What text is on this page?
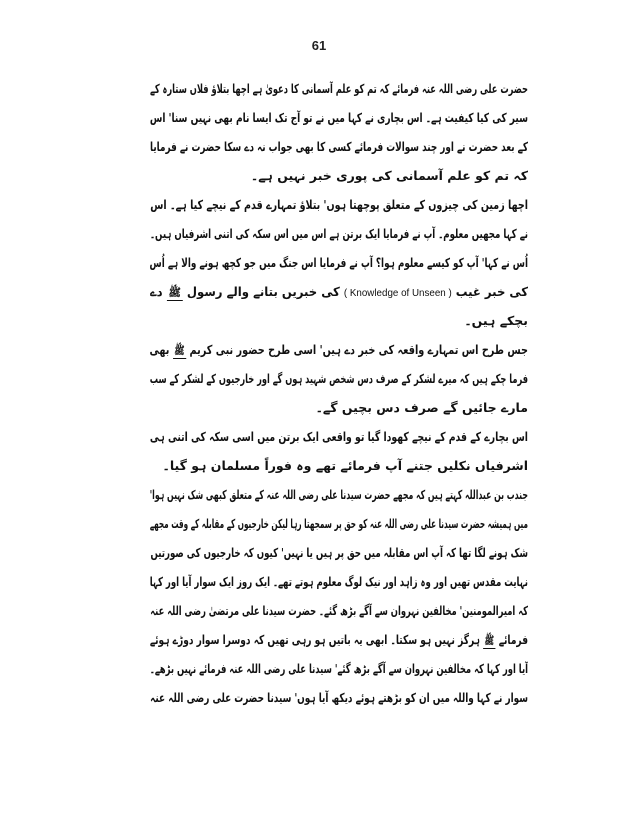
61
حضرت علی رضی اللہ عنہ فرمائے کہ تم کو علم آسمانی کا دعویٰ ہے اچھا بتلاؤ فلاں ستارہ کے
سیر کی کیا کیفیت ہے۔ اس بچاری نے کہا میں نے تو آج تک ایسا نام بھی نہیں سنا' اس
کے بعد حضرت نے اور چند سوالات فرمائے کسی کا بھی جواب نہ دے سکا حضرت نے فرمایا
کہ تم کو علم آسمانی کی پوری خبر نہیں ہے۔
اچھا زمین کی چیزوں کے متعلق پوچھتا ہوں' بتلاؤ تمہارے قدم کے نیچے کیا ہے۔ اس
نے کہا مجھیں معلوم۔ آپ نے فرمایا ایک برتن ہے اس میں اس سکہ کی اتنی اشرفیاں ہیں۔
اُس نے کہا' آپ کو کیسے معلوم ہوا؟ آپ نے فرمایا اس جنگ میں جو کچھ ہونے والا ہے اُس
کی خبر غیب ( Knowledge of Unseen ) کی خبریں بتانے والے رسول ﷺ دے
بچکے ہیں۔
جس طرح اس تمہارے واقعہ کی خبر دے ہیں' اسی طرح حضور نبی کریم ﷺ بھی
فرما چکے ہیں کہ میرے لشکر کے صرف دس شخص شہید ہوں گے اور خارجیوں کے لشکر کے سب
مارے جائیں گے صرف دس بچیں گے۔
اس بچارے کے قدم کے نیچے کھودا گیا تو واقعی ایک برتن میں اسی سکہ کی اتنی ہی
اشرفیاں نکلیں جتنے آپ فرمائے تھے وہ فوراً مسلمان ہو گیا۔
جندب بن عبداللہ کہتے ہیں کہ مجھے حضرت سیدنا علی رضی اللہ عنہ کے متعلق کبھی شک نہیں ہوا'
میں ہمیشہ حضرت سیدنا علی رضی اللہ عنہ کو حق پر سمجھتا رہا لیکن خارجیوں کے مقابلہ کے وقت مجھے
شک ہونے لگا تھا کہ آپ اس مقابلہ میں حق پر ہیں یا نہیں' کیوں کہ خارجیوں کی صورتیں
نہایت مقدس تھیں اور وہ زاہد اور نیک لوگ معلوم ہوتے تھے۔ ایک روز ایک سوار آیا اور کہا
کہ امیرالمومنین' مخالفین نہروان سے آگے بڑھ گئے۔ حضرت سیدنا علی مرتضیٰ رضی اللہ عنہ
فرمائے ﷺ ہرگز نہیں ہو سکتا۔ ابھی یہ باتیں ہو رہی تھیں کہ دوسرا سوار دوڑے ہوئے
آیا اور کہا کہ مخالفین نہروان سے آگے بڑھ گئے' سیدنا علی رضی اللہ عنہ فرمائے نہیں بڑھے۔
سوار نے کہا واللہ میں ان کو بڑھتے ہوئے دیکھ آیا ہوں' سیدنا حضرت علی رضی اللہ عنہ
